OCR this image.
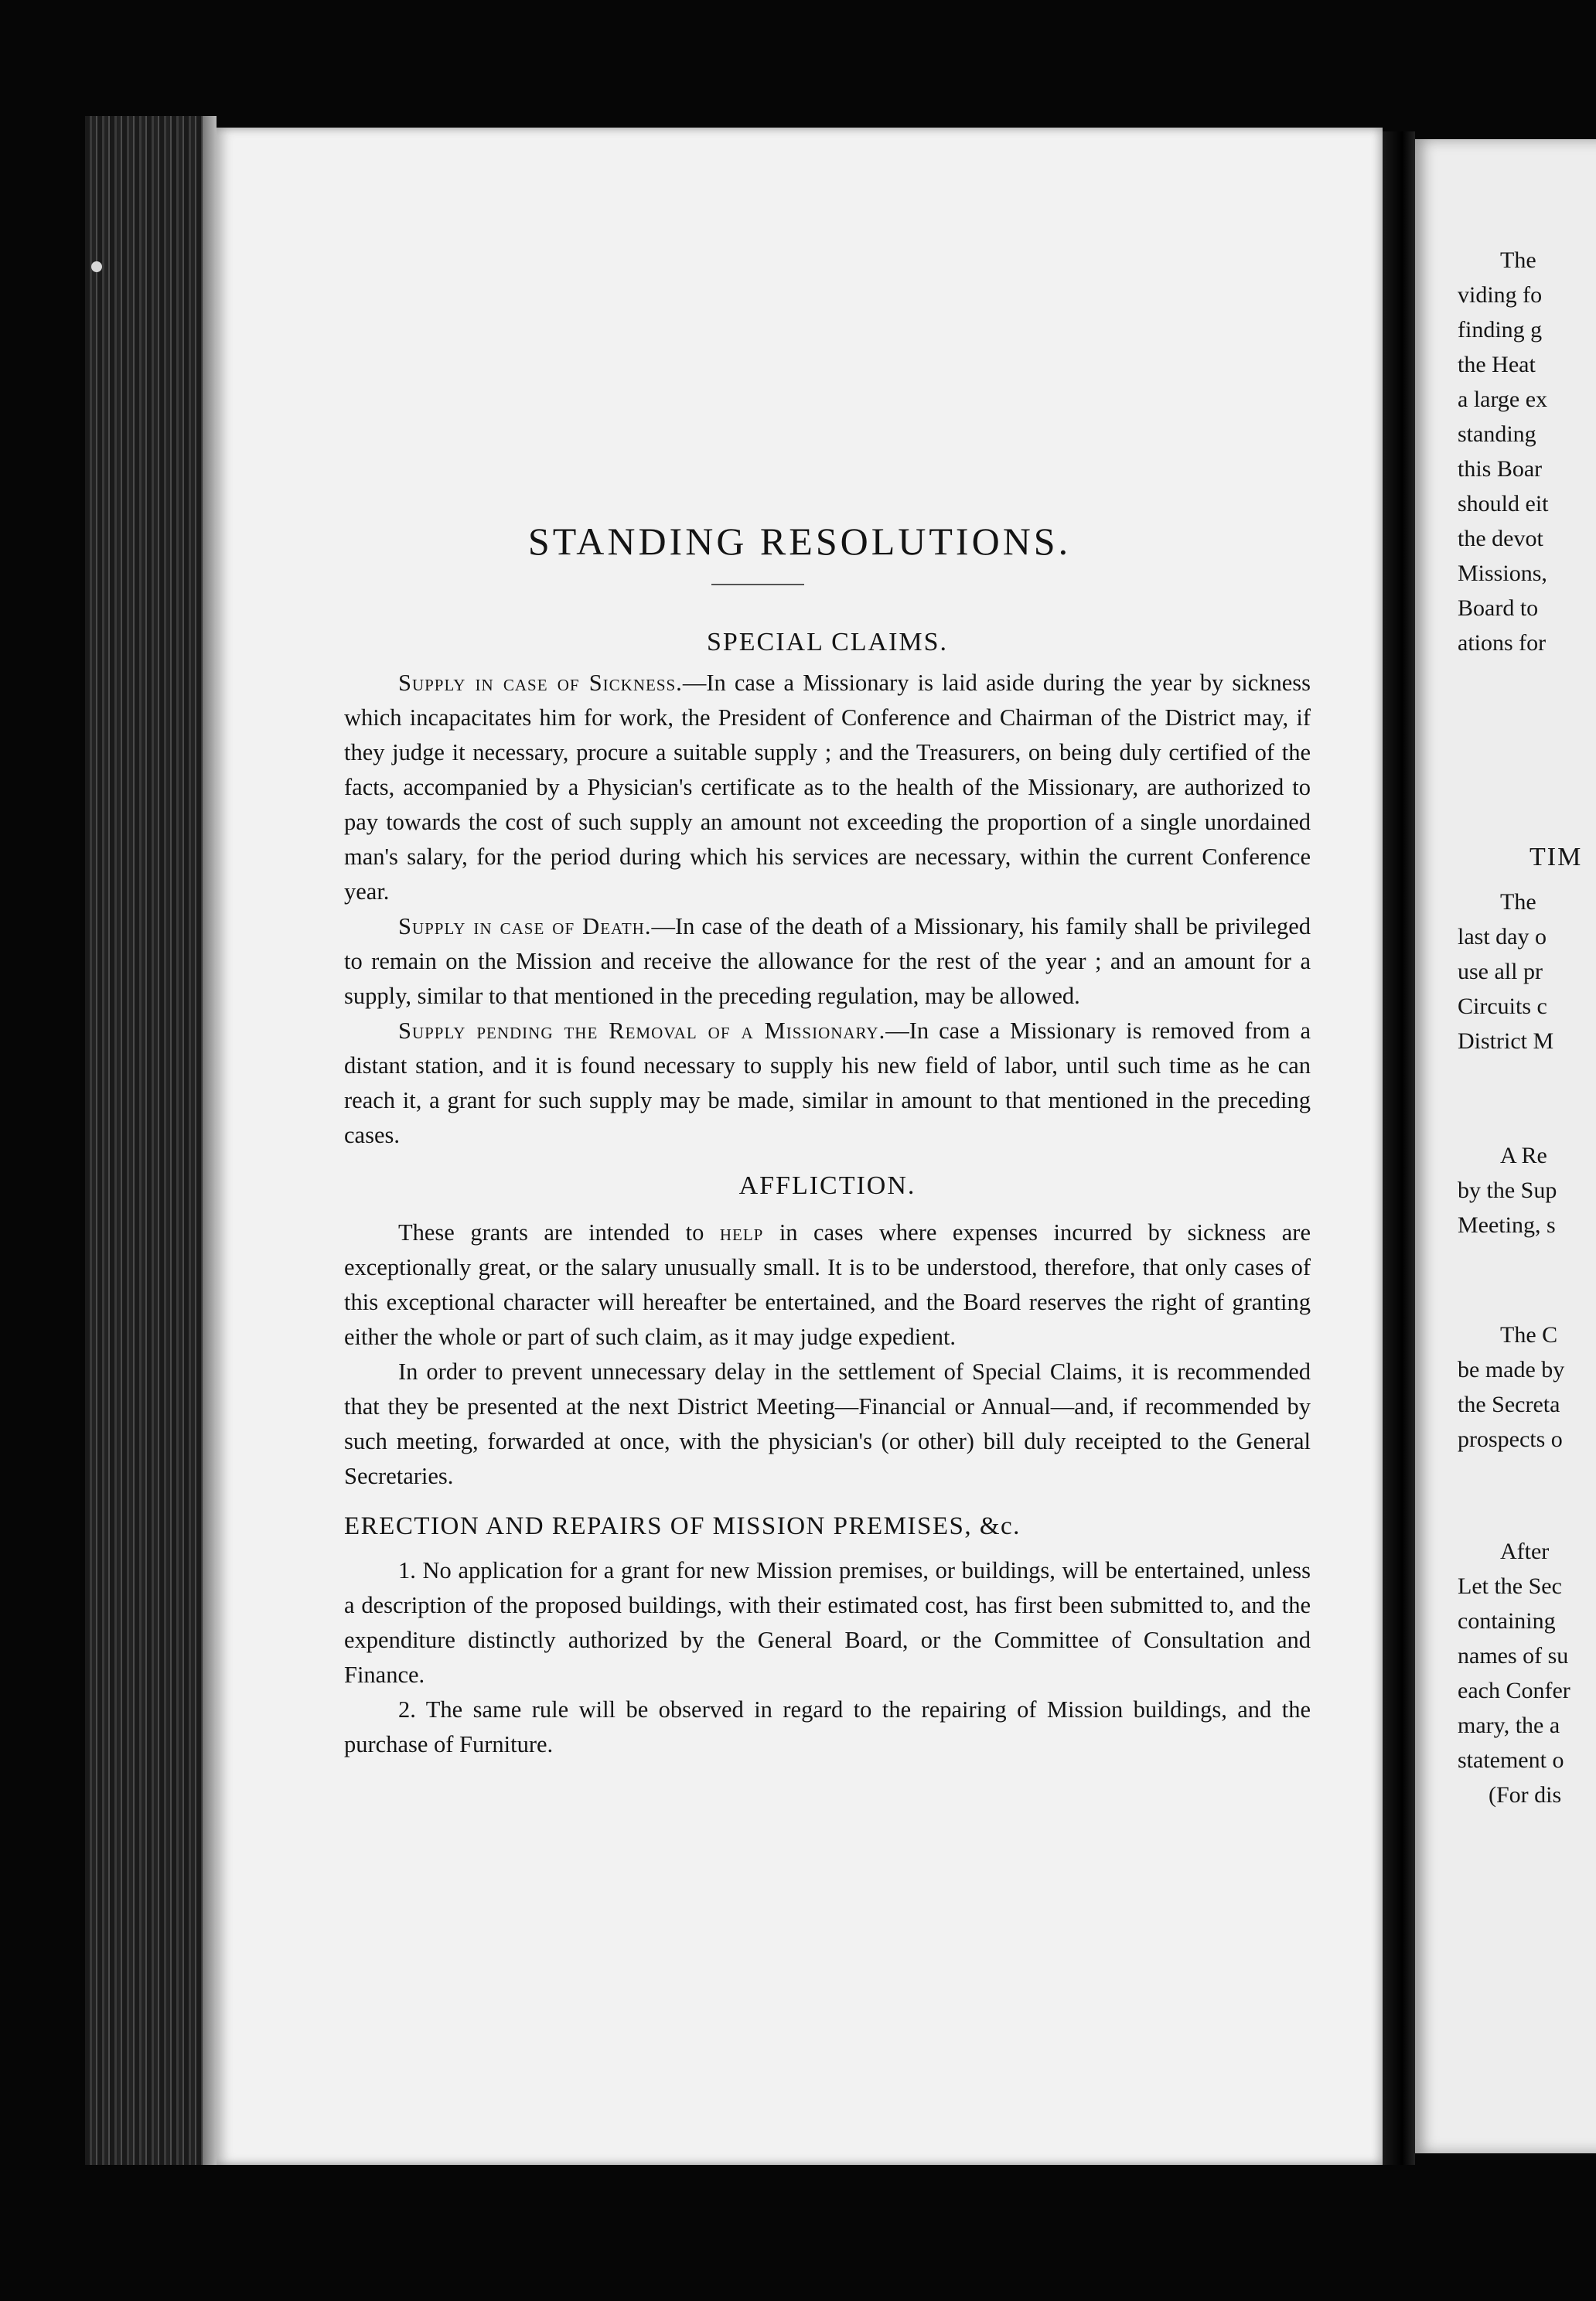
STANDING RESOLUTIONS.
SPECIAL CLAIMS.

Supply in case of Sickness.—In case a Missionary is laid aside during the year by sickness which incapacitates him for work, the President of Conference and Chairman of the District may, if they judge it necessary, procure a suitable supply ; and the Treasurers, on being duly certified of the facts, accompanied by a Physician's certificate as to the health of the Missionary, are authorized to pay towards the cost of such supply an amount not exceeding the proportion of a single unordained man's salary, for the period during which his services are necessary, within the current Conference year.

Supply in case of Death.—In case of the death of a Missionary, his family shall be privileged to remain on the Mission and receive the allowance for the rest of the year ; and an amount for a supply, similar to that mentioned in the preceding regulation, may be allowed.

Supply pending the Removal of a Missionary.—In case a Missionary is removed from a distant station, and it is found necessary to supply his new field of labor, until such time as he can reach it, a grant for such supply may be made, similar in amount to that mentioned in the preceding cases.

AFFLICTION.

These grants are intended to help in cases where expenses incurred by sickness are exceptionally great, or the salary unusually small. It is to be understood, therefore, that only cases of this exceptional character will hereafter be entertained, and the Board reserves the right of granting either the whole or part of such claim, as it may judge expedient.

In order to prevent unnecessary delay in the settlement of Special Claims, it is recommended that they be presented at the next District Meeting—Financial or Annual—and, if recommended by such meeting, forwarded at once, with the physician's (or other) bill duly receipted to the General Secretaries.

ERECTION AND REPAIRS OF MISSION PREMISES, &c.

1. No application for a grant for new Mission premises, or buildings, will be entertained, unless a description of the proposed buildings, with their estimated cost, has first been submitted to, and the expenditure distinctly authorized by the General Board, or the Committee of Consultation and Finance.

2. The same rule will be observed in regard to the repairing of Mission buildings, and the purchase of Furniture.

The
viding fo
finding g
the Heat
a large ex
standing
this Boar
should eit
the devot
Missions,
Board to
ations for
The
last day o
use all pr
Circuits c
District M
A Re
by the Sup
Meeting, s
The C
be made by
the Secreta
prospects o
After
Let the Sec
containing
names of su
each Confer
mary, the a
statement o
(For dis
TIM
